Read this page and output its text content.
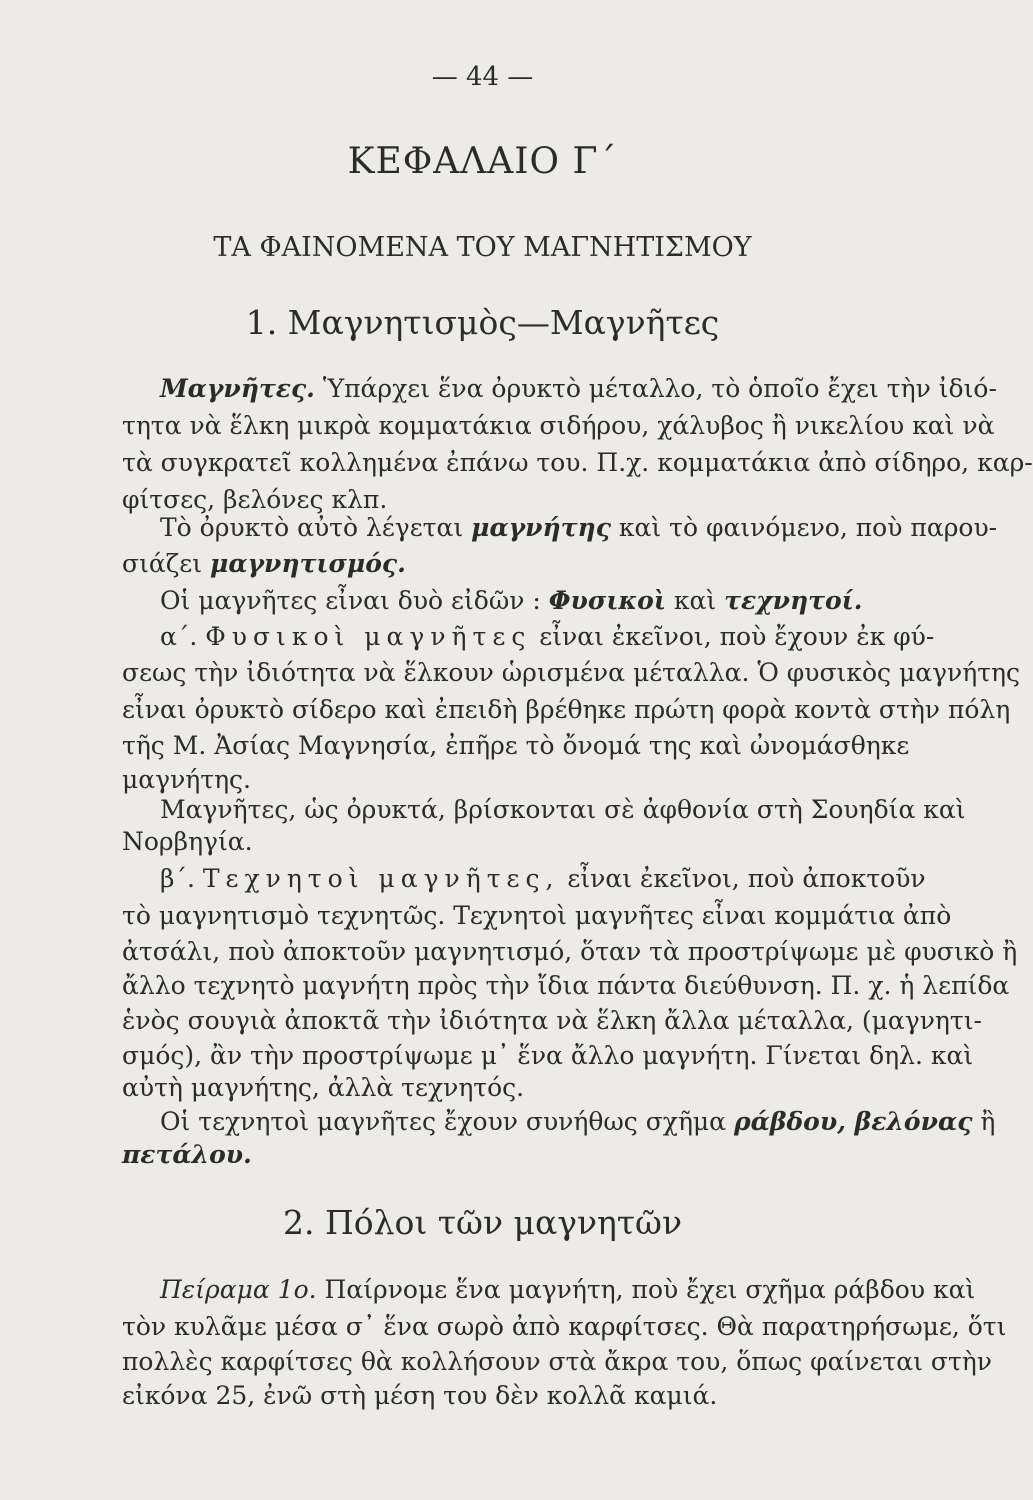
— 44 —
ΚΕΦΑΛΑΙΟ Γ΄
ΤΑ ΦΑΙΝΟΜΕΝΑ ΤΟΥ ΜΑΓΝΗΤΙΣΜΟΥ
1. Μαγνητισμὸς—Μαγνῆτες
Μαγνῆτες. Ὑπάρχει ἕνα ὀρυκτὸ μέταλλο, τὸ ὁποῖο ἔχει τὴν ἰδιό-
τητα νὰ ἕλκη μικρὰ κομματάκια σιδήρου, χάλυβος ἢ νικελίου καὶ νὰ
τὰ συγκρατεῖ κολλημένα ἐπάνω του. Π.χ. κομματάκια ἀπὸ σίδηρο, καρ-
φίτσες, βελόνες κλπ.
Τὸ ὀρυκτὸ αὐτὸ λέγεται μαγνήτης καὶ τὸ φαινόμενο, ποὺ παρου-
σιάζει μαγνητισμός.
Οἱ μαγνῆτες εἶναι δυὸ εἰδῶν : Φυσικοὶ καὶ τεχνητοί.
α΄. Φυσικοὶ μαγνῆτες εἶναι ἐκεῖνοι, ποὺ ἔχουν ἐκ φύ-
σεως τὴν ἰδιότητα νὰ ἕλκουν ὡρισμένα μέταλλα. Ὁ φυσικὸς μαγνήτης
εἶναι ὀρυκτὸ σίδερο καὶ ἐπειδὴ βρέθηκε πρώτη φορὰ κοντὰ στὴν πόλη
τῆς Μ. Ἀσίας Μαγνησία, ἐπῆρε τὸ ὄνομά της καὶ ὠνομάσθηκε
μαγνήτης.
Μαγνῆτες, ὡς ὀρυκτά, βρίσκονται σὲ ἀφθονία στὴ Σουηδία καὶ
Νορβηγία.
β΄. Τεχνητοὶ μαγνῆτες, εἶναι ἐκεῖνοι, ποὺ ἀποκτοῦν
τὸ μαγνητισμὸ τεχνητῶς. Τεχνητοὶ μαγνῆτες εἶναι κομμάτια ἀπὸ
ἀτσάλι, ποὺ ἀποκτοῦν μαγνητισμό, ὅταν τὰ προστρίψωμε μὲ φυσικὸ ἢ
ἄλλο τεχνητὸ μαγνήτη πρὸς τὴν ἴδια πάντα διεύθυνση. Π. χ. ἡ λεπίδα
ἑνὸς σουγιὰ ἀποκτᾶ τὴν ἰδιότητα νὰ ἕλκη ἄλλα μέταλλα, (μαγνητι-
σμός), ἂν τὴν προστρίψωμε μ᾿ ἕνα ἄλλο μαγνήτη. Γίνεται δηλ. καὶ
αὐτὴ μαγνήτης, ἀλλὰ τεχνητός.
Οἱ τεχνητοὶ μαγνῆτες ἔχουν συνήθως σχῆμα ράβδου, βελόνας ἢ
πετάλου.
2. Πόλοι τῶν μαγνητῶν
Πείραμα 1ο. Παίρνομε ἕνα μαγνήτη, ποὺ ἔχει σχῆμα ράβδου καὶ
τὸν κυλᾶμε μέσα σ᾿ ἕνα σωρὸ ἀπὸ καρφίτσες. Θὰ παρατηρήσωμε, ὅτι
πολλὲς καρφίτσες θὰ κολλήσουν στὰ ἄκρα του, ὅπως φαίνεται στὴν
εἰκόνα 25, ἐνῶ στὴ μέση του δὲν κολλᾶ καμιά.
